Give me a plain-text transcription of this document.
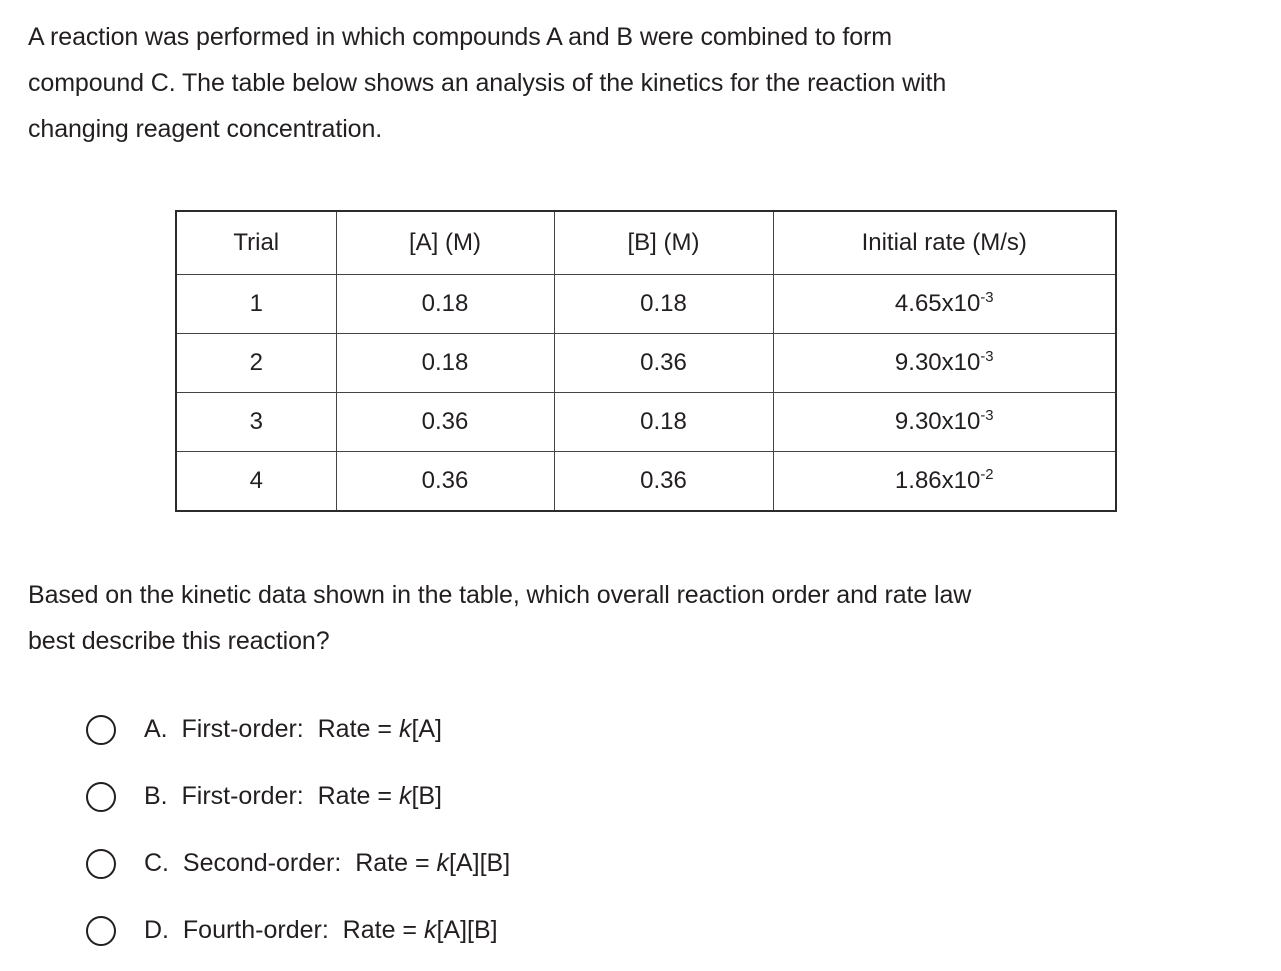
A reaction was performed in which compounds A and B were combined to form

compound C. The table below shows an analysis of the kinetics for the reaction with

changing reagent concentration.

Trial	[A] (M)	[B] (M)	Initial rate (M/s)
1	0.18	0.18	$4.65x10^{-3}$
2	0.18	0.36	$9.30x10^{-3}$
3	0.36	0.18	$9.30x10^{-3}$
4	0.36	0.36	$1.86x10^{-2}$

Based on the kinetic data shown in the table, which overall reaction order and rate law

best describe this reaction?

A.  First-order:  Rate = k[A]
B.  First-order:  Rate = k[B]
C.  Second-order:  Rate = k[A][B]
D.  Fourth-order:  Rate = k[A][B]
